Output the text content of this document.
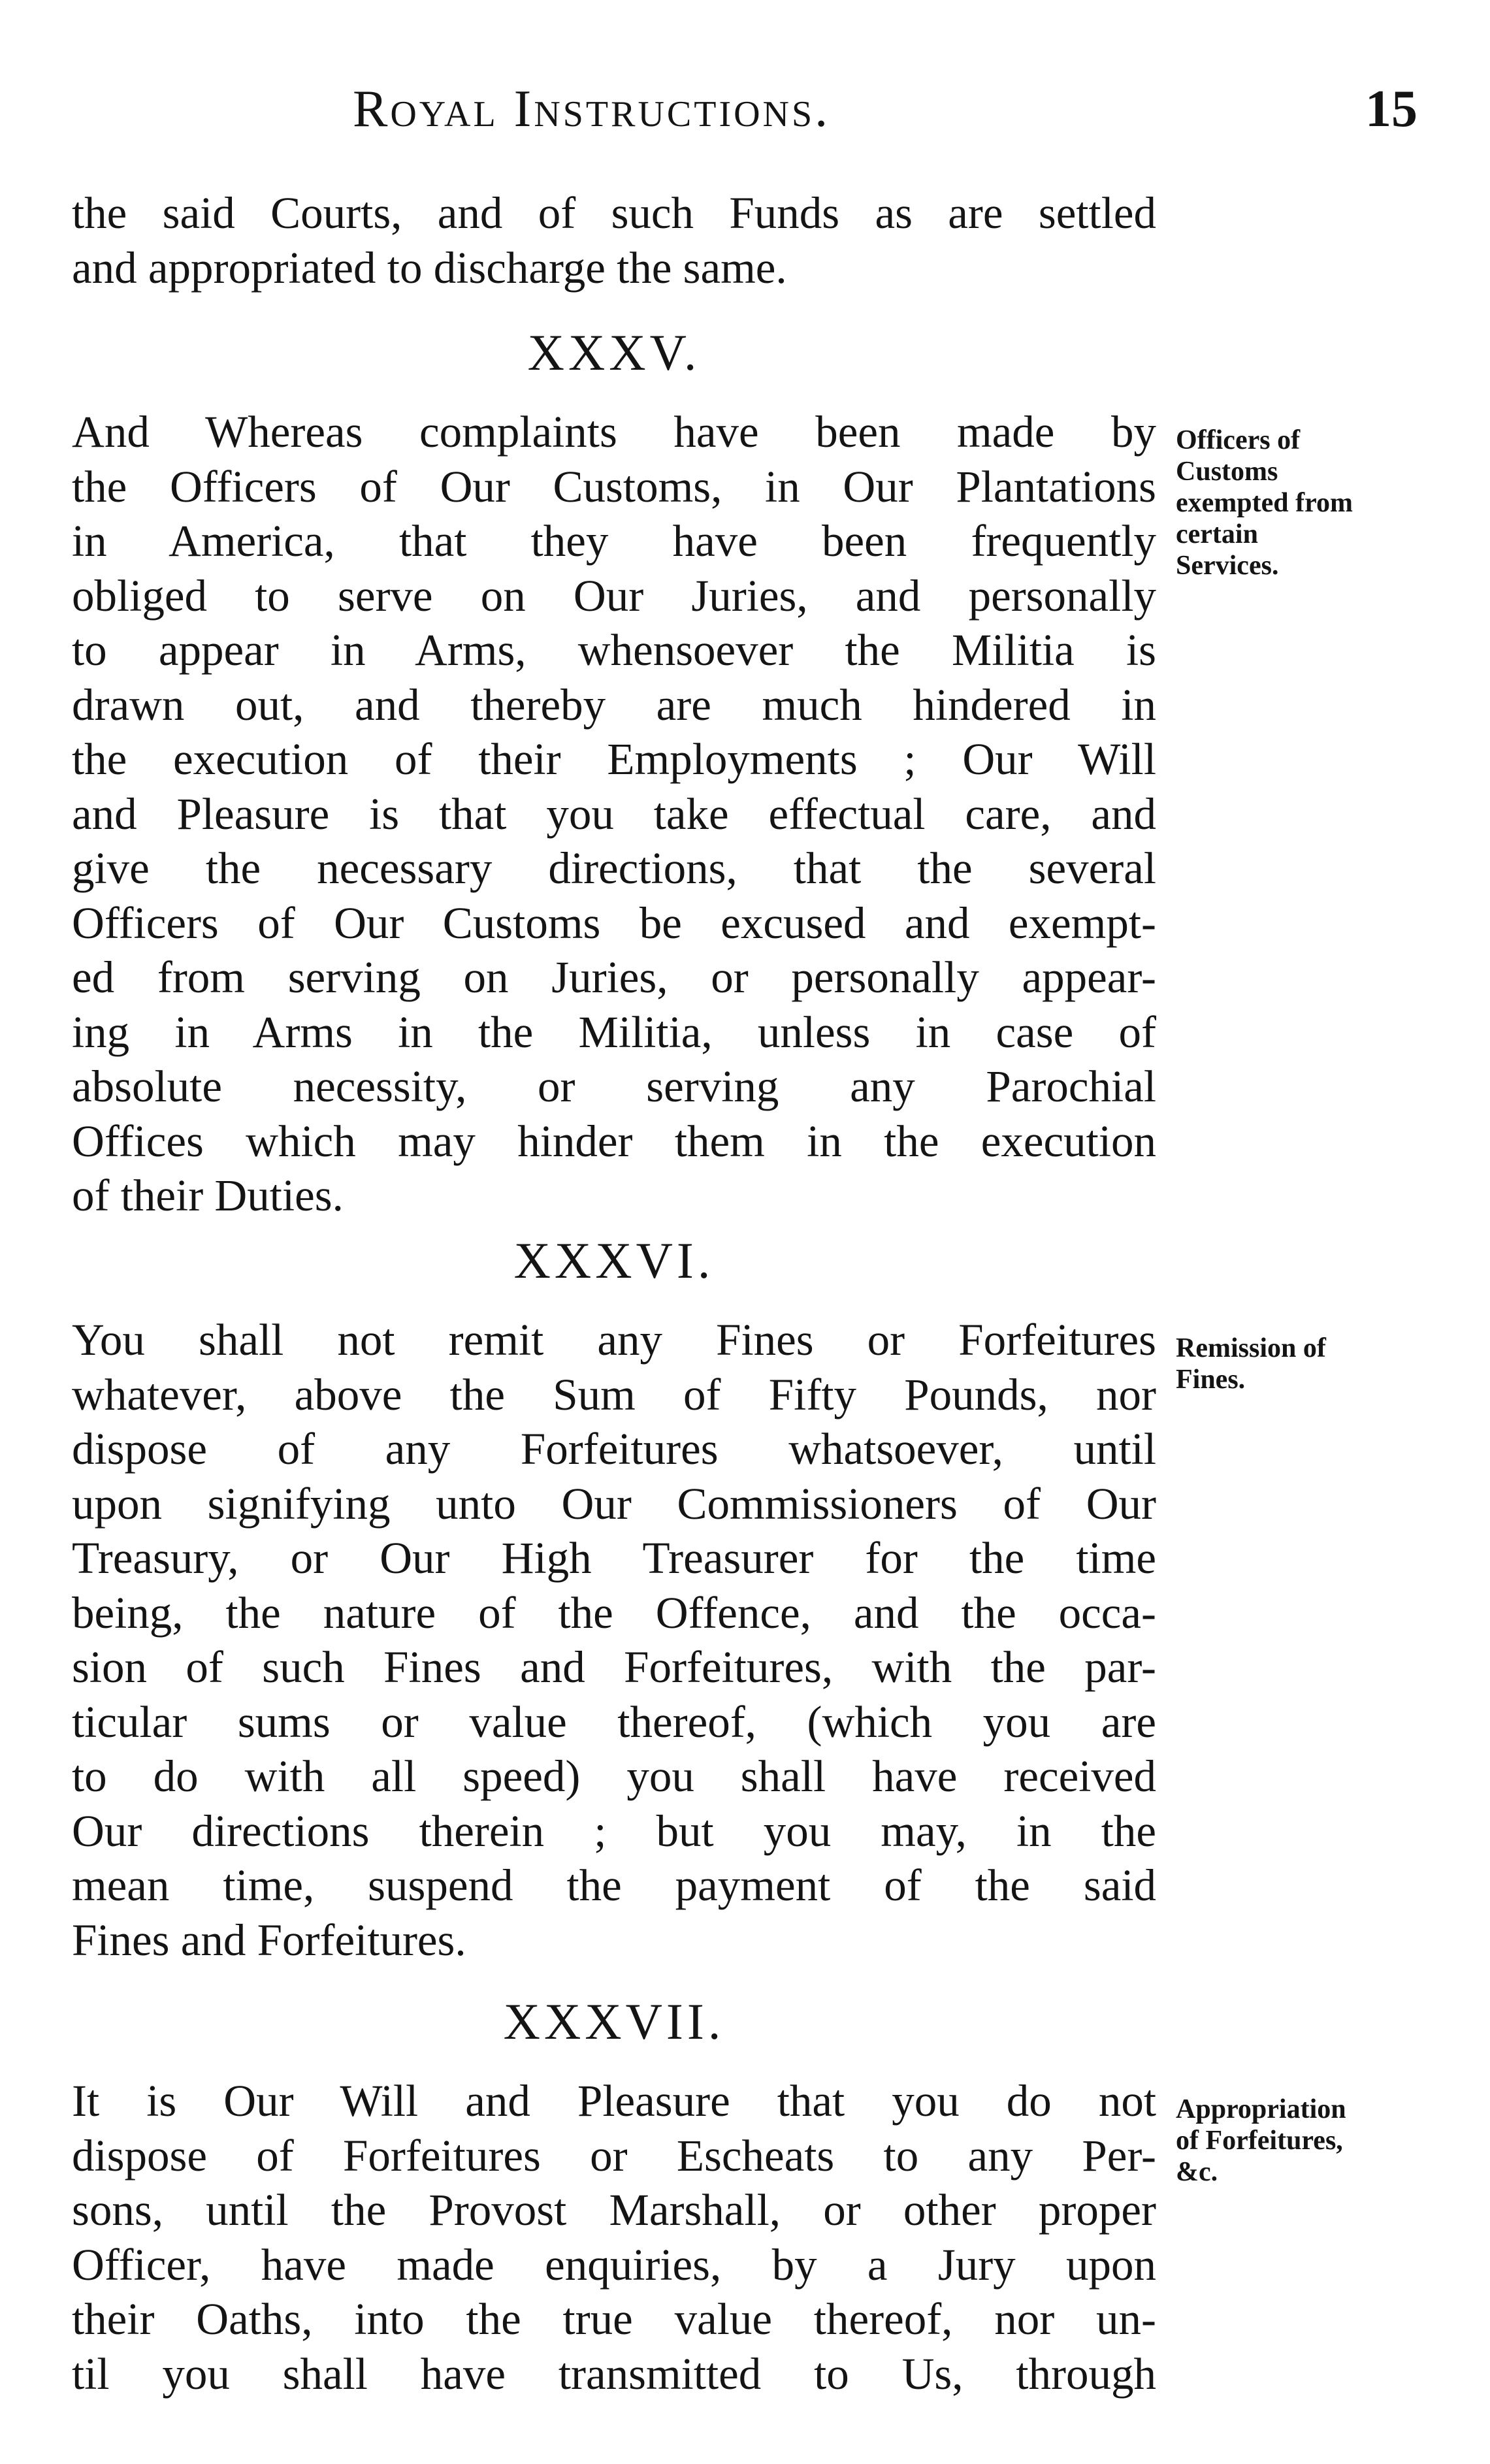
Royal Instructions.	15

the said Courts, and of such Funds as are settled
and appropriated to discharge the same.

XXXV.

And Whereas complaints have been made by
the Officers of Our Customs, in Our Plantations
in America, that they have been frequently
obliged to serve on Our Juries, and personally
to appear in Arms, whensoever the Militia is
drawn out, and thereby are much hindered in
the execution of their Employments ; Our Will
and Pleasure is that you take effectual care, and
give the necessary directions, that the several
Officers of Our Customs be excused and exempt-
ed from serving on Juries, or personally appear-
ing in Arms in the Militia, unless in case of
absolute necessity, or serving any Parochial
Offices which may hinder them in the execution
of their Duties.

Officers of
Customs
exempted from
certain
Services.
XXXVI.

You shall not remit any Fines or Forfeitures
whatever, above the Sum of Fifty Pounds, nor
dispose of any Forfeitures whatsoever, until
upon signifying unto Our Commissioners of Our
Treasury, or Our High Treasurer for the time
being, the nature of the Offence, and the occa-
sion of such Fines and Forfeitures, with the par-
ticular sums or value thereof, (which you are
to do with all speed) you shall have received
Our directions therein ; but you may, in the
mean time, suspend the payment of the said
Fines and Forfeitures.

Remission of
Fines.
XXXVII.

It is Our Will and Pleasure that you do not
dispose of Forfeitures or Escheats to any Per-
sons, until the Provost Marshall, or other proper
Officer, have made enquiries, by a Jury upon
their Oaths, into the true value thereof, nor un-
til you shall have transmitted to Us, through

Appropriation
of Forfeitures,
&c.
